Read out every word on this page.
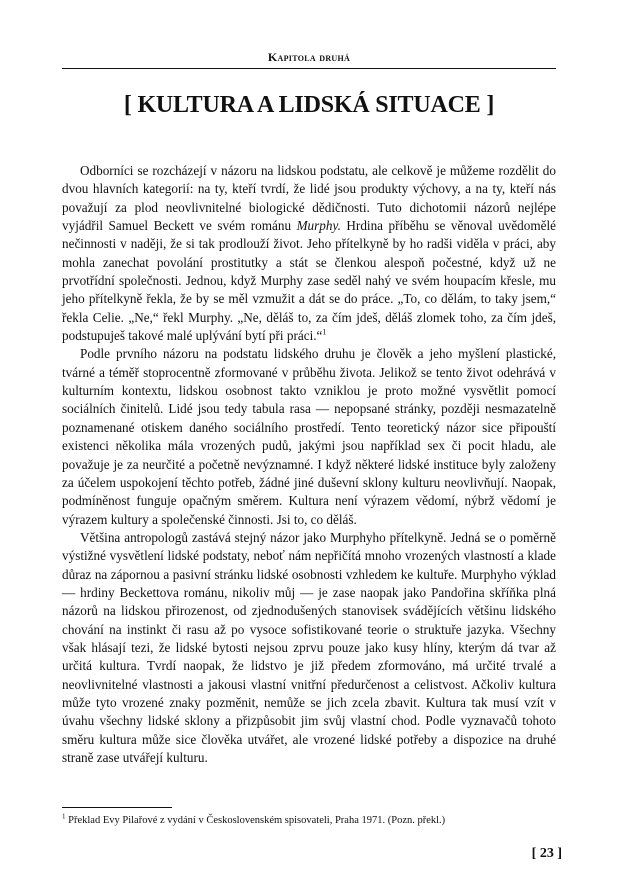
Kapitola druhá
[ KULTURA A LIDSKÁ SITUACE ]

Odborníci se rozcházejí v názoru na lidskou podstatu, ale celkově je můžeme rozdělit do dvou hlavních kategorií: na ty, kteří tvrdí, že lidé jsou produkty výchovy, a na ty, kteří nás považují za plod neovlivnitelné biologické dědičnosti. Tuto dichotomii názorů nejlépe vyjádřil Samuel Beckett ve svém románu Murphy. Hrdina příběhu se věnoval uvědomělé nečinnosti v naději, že si tak prodlouží život. Jeho přítelkyně by ho radši viděla v práci, aby mohla zanechat povolání prostitutky a stát se členkou alespoň počestné, když už ne prvotřídní společnosti. Jednou, když Murphy zase seděl nahý ve svém houpacím křesle, mu jeho přítelkyně řekla, že by se měl vzmužit a dát se do práce. „To, co dělám, to taky jsem,“ řekla Celie. „Ne,“ řekl Murphy. „Ne, děláš to, za čím jdeš, děláš zlomek toho, za čím jdeš, podstupuješ takové malé uplývání bytí při práci.“$^1$

Podle prvního názoru na podstatu lidského druhu je člověk a jeho myšlení plastické, tvárné a téměř stoprocentně zformované v průběhu života. Jelikož se tento život odehrává v kulturním kontextu, lidskou osobnost takto vzniklou je proto možné vysvětlit pomocí sociálních činitelů. Lidé jsou tedy tabula rasa — nepopsané stránky, později nesmazatelně poznamenané otiskem daného sociálního prostředí. Tento teoretický názor sice připouští existenci několika mála vrozených pudů, jakými jsou například sex či pocit hladu, ale považuje je za neurčité a početně nevýznamné. I když některé lidské instituce byly založeny za účelem uspokojení těchto potřeb, žádné jiné duševní sklony kulturu neovlivňují. Naopak, podmíněnost funguje opačným směrem. Kultura není výrazem vědomí, nýbrž vědomí je výrazem kultury a společenské činnosti. Jsi to, co děláš.

Většina antropologů zastává stejný názor jako Murphyho přítelkyně. Jedná se o poměrně výstižné vysvětlení lidské podstaty, neboť nám nepřičítá mnoho vrozených vlastností a klade důraz na zápornou a pasivní stránku lidské osobnosti vzhledem ke kultuře. Murphyho výklad — hrdiny Beckettova románu, nikoliv můj — je zase naopak jako Pandořina skříňka plná názorů na lidskou přirozenost, od zjednodušených stanovisek svádějících většinu lidského chování na instinkt či rasu až po vysoce sofistikované teorie o struktuře jazyka. Všechny však hlásají tezi, že lidské bytosti nejsou zprvu pouze jako kusy hlíny, kterým dá tvar až určitá kultura. Tvrdí naopak, že lidstvo je již předem zformováno, má určité trvalé a neovlivnitelné vlastnosti a jakousi vlastní vnitřní předurčenost a celistvost. Ačkoliv kultura může tyto vrozené znaky pozměnit, nemůže se jich zcela zbavit. Kultura tak musí vzít v úvahu všechny lidské sklony a přizpůsobit jim svůj vlastní chod. Podle vyznavačů tohoto směru kultura může sice člověka utvářet, ale vrozené lidské potřeby a dispozice na druhé straně zase utvářejí kulturu.

$^1$ Překlad Evy Pilařové z vydání v Československém spisovateli, Praha 1971. (Pozn. překl.)
[ 23 ]
